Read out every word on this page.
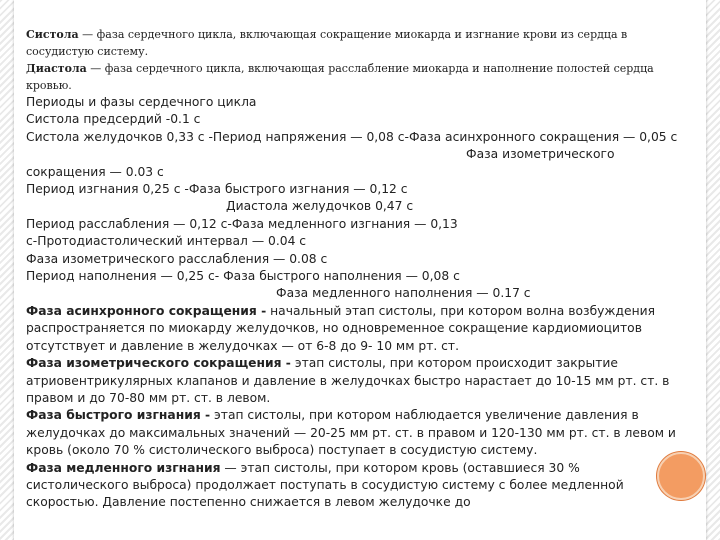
Систола — фаза сердечного цикла, включающая сокращение миокарда и изгнание крови из сердца в сосудистую систему.
Диастола — фаза сердечного цикла, включающая расслабление миокарда и наполнение полостей сердца кровью.

Периоды и фазы сердечного цикла

Систола предсердий -0.1 с

Систола желудочков 0,33 с -Период напряжения — 0,08 с-Фаза асинхронного сокращения — 0,05 с

Фаза изометрического

сокращения — 0.03 с

Период изгнания 0,25 с -Фаза быстрого изгнания — 0,12 с

Диастола желудочков 0,47 с

Период расслабления — 0,12 с-Фаза медленного изгнания — 0,13

с-Протодиастолический интервал — 0.04 с

Фаза изометрического расслабления — 0.08 с

Период наполнения — 0,25 с- Фаза быстрого наполнения — 0,08 с

Фаза медленного наполнения — 0.17 с

Фаза асинхронного сокращения - начальный этап систолы, при котором волна возбуждения распространяется по миокарду желудочков, но одновременное сокращение кардиомиоцитов отсутствует и давление в желудочках — от 6-8 до 9- 10 мм рт. ст.

Фаза изометрического сокращения - этап систолы, при котором происходит закрытие атриовентрикулярных клапанов и давление в желудочках быстро нарастает до 10-15 мм рт. ст. в правом и до 70-80 мм рт. ст. в левом.

Фаза быстрого изгнания - этап систолы, при котором наблюдается увеличение давления в желудочках до максимальных значений — 20-25 мм рт. ст. в правом и 120-130 мм рт. ст. в левом и кровь (около 70 % систолического выброса) поступает в сосудистую систему.

Фаза медленного изгнания — этап систолы, при котором кровь (оставшиеся 30 % систолического выброса) продолжает поступать в сосудистую систему с более медленной скоростью. Давление постепенно снижается в левом желудочке до
